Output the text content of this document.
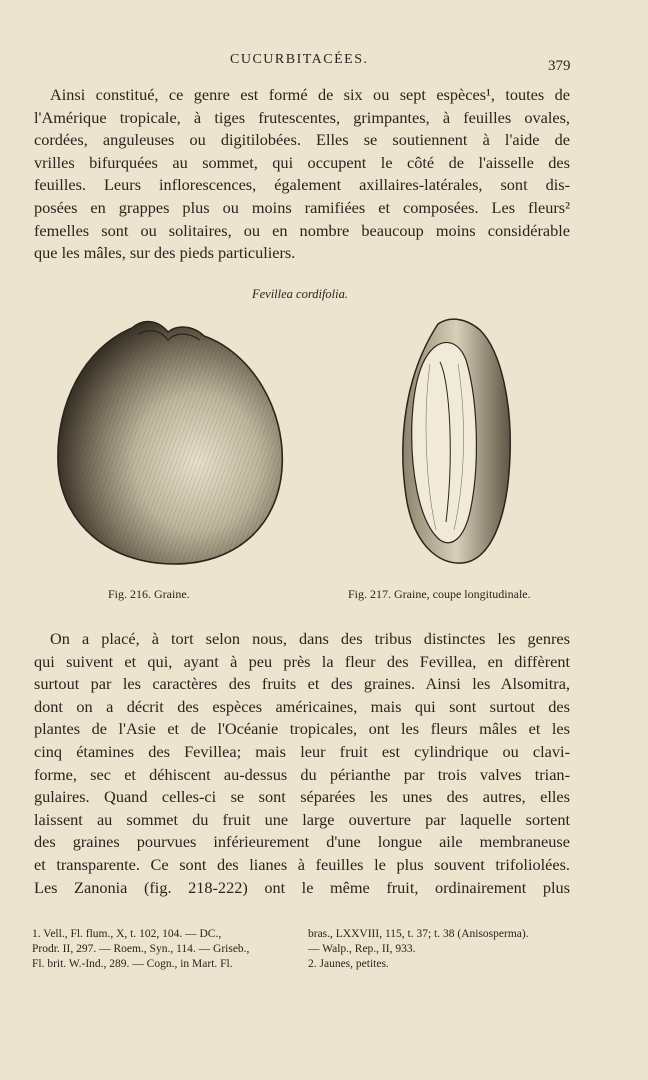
CUCURBITACÉES.	379

Ainsi constitué, ce genre est formé de six ou sept espèces¹, toutes de
l'Amérique tropicale, à tiges frutescentes, grimpantes, à feuilles ovales,
cordées, anguleuses ou digitilobées. Elles se soutiennent à l'aide de
vrilles bifurquées au sommet, qui occupent le côté de l'aisselle des
feuilles. Leurs inflorescences, également axillaires-latérales, sont dis-
posées en grappes plus ou moins ramifiées et composées. Les fleurs²
femelles sont ou solitaires, ou en nombre beaucoup moins considérable
que les mâles, sur des pieds particuliers.

Fevillea cordifolia.
Fig. 216. Graine.	Fig. 217. Graine, coupe longitudinale.

On a placé, à tort selon nous, dans des tribus distinctes les genres
qui suivent et qui, ayant à peu près la fleur des Fevillea, en diffèrent
surtout par les caractères des fruits et des graines. Ainsi les Alsomitra,
dont on a décrit des espèces américaines, mais qui sont surtout des
plantes de l'Asie et de l'Océanie tropicales, ont les fleurs mâles et les
cinq étamines des Fevillea; mais leur fruit est cylindrique ou clavi-
forme, sec et déhiscent au-dessus du périanthe par trois valves trian-
gulaires. Quand celles-ci se sont séparées les unes des autres, elles
laissent au sommet du fruit une large ouverture par laquelle sortent
des graines pourvues inférieurement d'une longue aile membraneuse
et transparente. Ce sont des lianes à feuilles le plus souvent trifoliolées.
Les Zanonia (fig. 218-222) ont le même fruit, ordinairement plus

1. Vell., Fl. flum., X, t. 102, 104. — DC.,
Prodr. II, 297. — Roem., Syn., 114. — Griseb.,
Fl. brit. W.-Ind., 289. — Cogn., in Mart. Fl.
bras., LXXVIII, 115, t. 37; t. 38 (Anisosperma).
— Walp., Rep., II, 933.
2. Jaunes, petites.
